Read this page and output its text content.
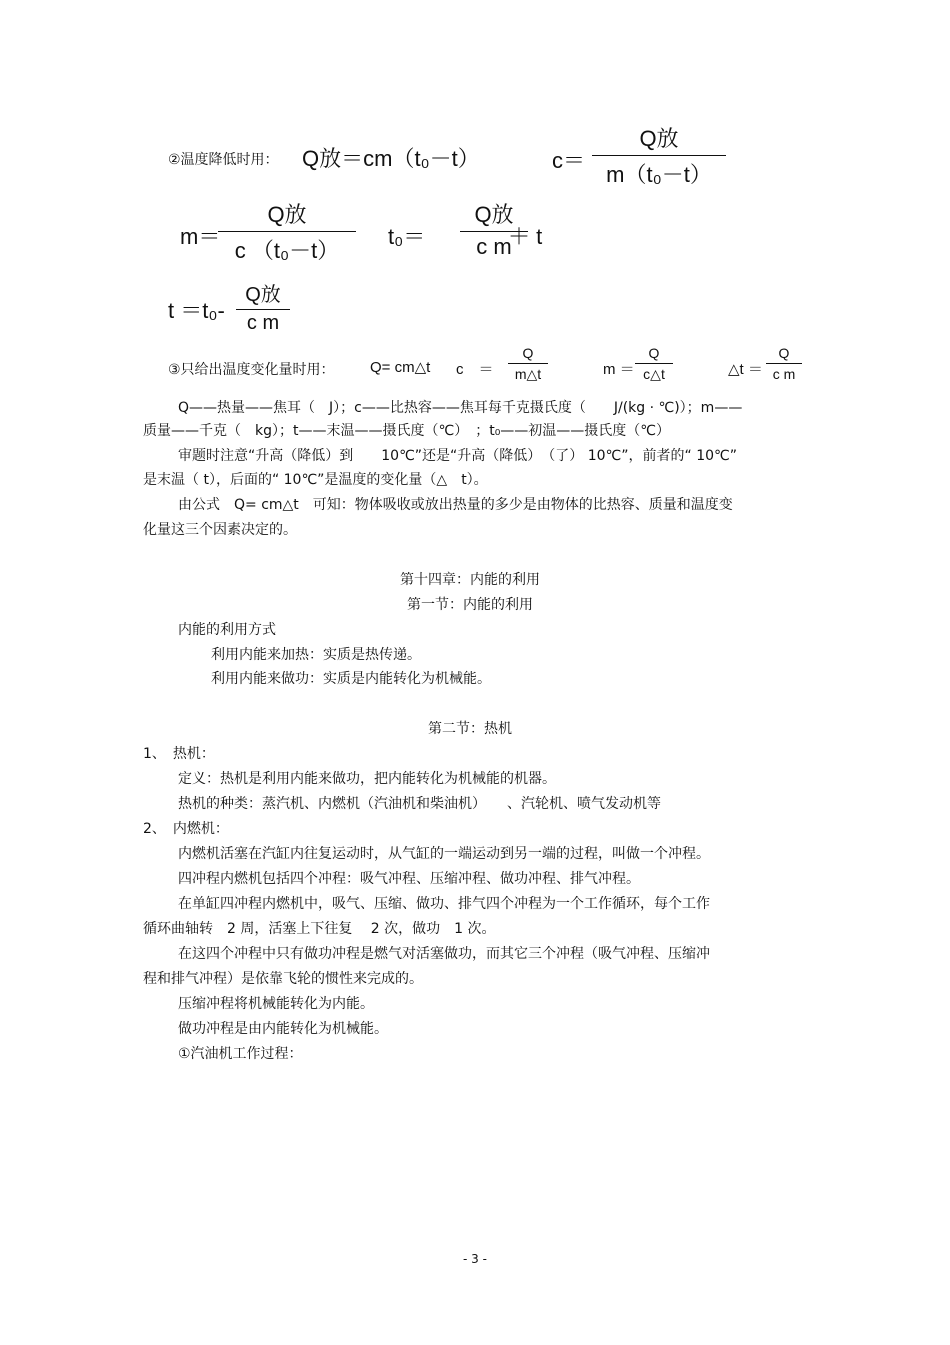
②温度降低时用： Q放＝cm（t₀－t）	c＝
Q放
m（t₀－t）
m＝
Q放
c （t₀－t）
t₀＝
Q放
c m
＋ t
t ＝t₀-
Q放
c m
③只给出温度变化量时用： Q= cm△t c　＝
Q
m△t	m ＝
Q
c△t	△t ＝
Q
c m
Q——热量——焦耳（　J）；c——比热容——焦耳每千克摄氏度（　　J/(kg · ℃)）；m——
质量——千克（　kg）；t——末温——摄氏度（℃）　；t₀——初温——摄氏度（℃）
审题时注意“升高（降低）到　　10℃”还是“升高（降低）　（了） 10℃”，前者的“ 10℃”
是末温（ t），后面的“ 10℃”是温度的变化量（△　t）。
由公式　Q= cm△t　可知：物体吸收或放出热量的多少是由物体的比热容、质量和温度变
化量这三个因素决定的。
第十四章：内能的利用
第一节：内能的利用
内能的利用方式
利用内能来加热：实质是热传递。
利用内能来做功：实质是内能转化为机械能。
第二节：热机
1、　热机：
定义：热机是利用内能来做功，把内能转化为机械能的机器。
热机的种类：蒸汽机、内燃机（汽油机和柴油机）　　、汽轮机、喷气发动机等
2、　内燃机：
内燃机活塞在汽缸内往复运动时，从气缸的一端运动到另一端的过程，叫做一个冲程。
四冲程内燃机包括四个冲程：吸气冲程、压缩冲程、做功冲程、排气冲程。
在单缸四冲程内燃机中，吸气、压缩、做功、排气四个冲程为一个工作循环，每个工作
循环曲轴转　2 周，活塞上下往复　 2 次，做功　1 次。
在这四个冲程中只有做功冲程是燃气对活塞做功，而其它三个冲程（吸气冲程、压缩冲
程和排气冲程）是依靠飞轮的惯性来完成的。
压缩冲程将机械能转化为内能。
做功冲程是由内能转化为机械能。
①汽油机工作过程：
- 3 -
